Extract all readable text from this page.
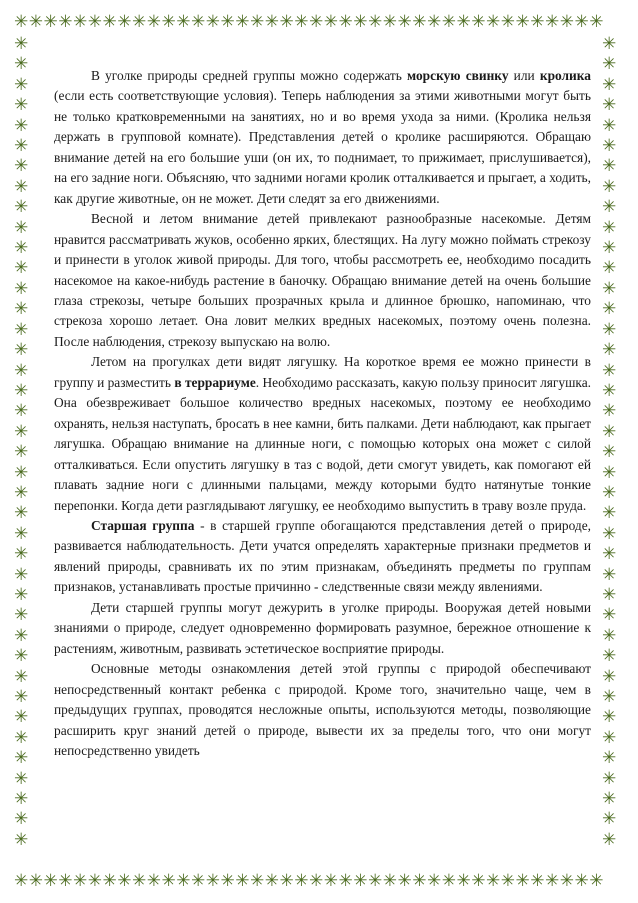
✳✳✳✳✳✳✳✳✳✳✳✳✳✳✳✳✳✳✳✳✳✳✳✳✳✳✳✳✳✳✳✳✳✳✳✳✳✳✳✳
✳
✳
✳
✳
✳
✳
✳
✳
✳
✳
✳
✳
✳
✳
✳
✳
✳
✳
✳
✳
✳
✳
✳
✳
✳
✳
✳
✳
✳
✳
✳
✳
✳
✳
✳
✳
✳
✳
✳
✳
✳
✳
✳
✳
✳
✳
✳
✳
✳
✳
✳
✳
✳
✳
✳
✳
✳
✳
✳
✳
✳
✳
✳
✳
✳
✳
✳
✳
✳
✳
✳
✳
✳
✳
✳
✳
✳
✳
✳
✳
✳✳✳✳✳✳✳✳✳✳✳✳✳✳✳✳✳✳✳✳✳✳✳✳✳✳✳✳✳✳✳✳✳✳✳✳✳✳✳✳

В уголке природы средней группы можно содержать морскую свинку или кролика (если есть соответствующие условия). Теперь наблюдения за этими животными могут быть не только кратковременными на занятиях, но и во время ухода за ними. (Кролика нельзя держать в групповой комнате). Представления детей о кролике расширяются. Обращаю внимание детей на его большие уши (он их, то поднимает, то прижимает, прислушивается), на его задние ноги. Объясняю, что задними ногами кролик отталкивается и прыгает, а ходить, как другие животные, он не может. Дети следят за его движениями.

Весной и летом внимание детей привлекают разнообразные насекомые. Детям нравится рассматривать жуков, особенно ярких, блестящих. На лугу можно поймать стрекозу и принести в уголок живой природы. Для того, чтобы рассмотреть ее, необходимо посадить насекомое на какое-нибудь растение в баночку. Обращаю внимание детей на очень большие глаза стрекозы, четыре больших прозрачных крыла и длинное брюшко, напоминаю, что стрекоза хорошо летает. Она ловит мелких вредных насекомых, поэтому очень полезна. После наблюдения, стрекозу выпускаю на волю.

Летом на прогулках дети видят лягушку. На короткое время ее можно принести в группу и разместить в террариуме. Необходимо рассказать, какую пользу приносит лягушка. Она обезвреживает большое количество вредных насекомых, поэтому ее необходимо охранять, нельзя наступать, бросать в нее камни, бить палками. Дети наблюдают, как прыгает лягушка. Обращаю внимание на длинные ноги, с помощью которых она может с силой отталкиваться. Если опустить лягушку в таз с водой, дети смогут увидеть, как помогают ей плавать задние ноги с длинными пальцами, между которыми будто натянутые тонкие перепонки. Когда дети разглядывают лягушку, ее необходимо выпустить в траву возле пруда.

Старшая группа - в старшей группе обогащаются представления детей о природе, развивается наблюдательность. Дети учатся определять характерные признаки предметов и явлений природы, сравнивать их по этим признакам, объединять предметы по группам признаков, устанавливать простые причинно - следственные связи между явлениями.

Дети старшей группы могут дежурить в уголке природы. Вооружая детей новыми знаниями о природе, следует одновременно формировать разумное, бережное отношение к растениям, животным, развивать эстетическое восприятие природы.

Основные методы ознакомления детей этой группы с природой обеспечивают непосредственный контакт ребенка с природой. Кроме того, значительно чаще, чем в предыдущих группах, проводятся несложные опыты, используются методы, позволяющие расширить круг знаний детей о природе, вывести их за пределы того, что они могут непосредственно увидеть
